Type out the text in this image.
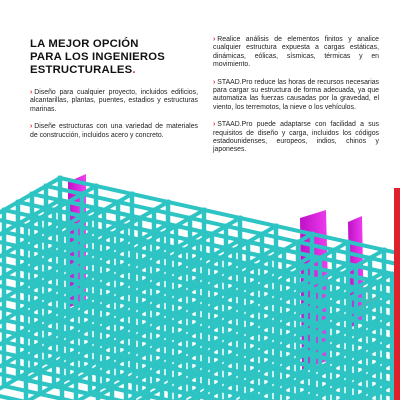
LA MEJOR OPCIÓN
PARA LOS INGENIEROS
ESTRUCTURALES.
› Diseño para cualquier proyecto, incluidos edificios, alcantarillas, plantas, puentes, estadios y estructuras marinas.
› Diseñe estructuras con una variedad de materiales de construcción, incluidos acero y concreto.
› Realice análisis de elementos finitos y analice cualquier estructura expuesta a cargas estáticas, dinámicas, eólicas, sísmicas, térmicas y en movimiento.
› STAAD.Pro reduce las horas de recursos necesarias para cargar su estructura de forma adecuada, ya que automatiza las fuerzas causadas por la gravedad, el viento, los terremotos, la nieve o los vehículos.
› STAAD.Pro puede adaptarse con facilidad a sus requisitos de diseño y carga, incluidos los códigos estadounidenses, europeos, indios, chinos y japoneses.
